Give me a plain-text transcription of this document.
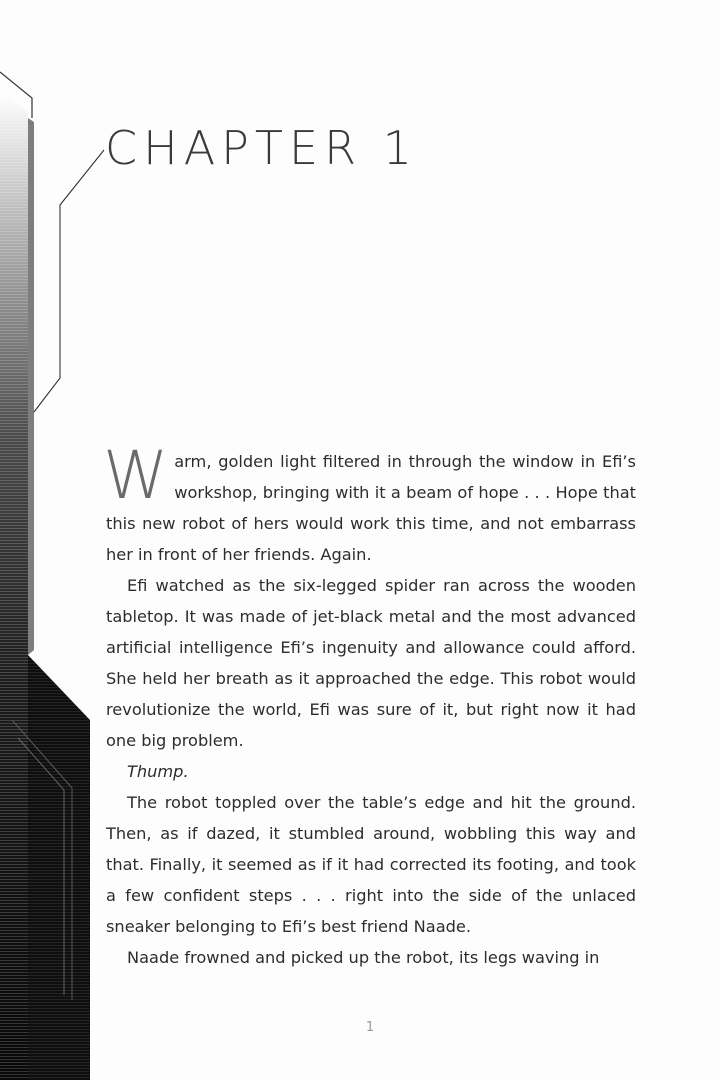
CHAPTER 1

Warm, golden light filtered in through the window in Efi’s workshop, bringing with it a beam of hope . . . Hope that this new robot of hers would work this time, and not embarrass her in front of her friends. Again.

Efi watched as the six-legged spider ran across the wooden tabletop. It was made of jet-black metal and the most advanced artificial intelligence Efi’s ingenuity and allowance could afford. She held her breath as it approached the edge. This robot would revolutionize the world, Efi was sure of it, but right now it had one big problem.

Thump.

The robot toppled over the table’s edge and hit the ground. Then, as if dazed, it stumbled around, wobbling this way and that. Finally, it seemed as if it had corrected its footing, and took a few confident steps . . . right into the side of the unlaced sneaker belonging to Efi’s best friend Naade.

Naade frowned and picked up the robot, its legs waving in

1
